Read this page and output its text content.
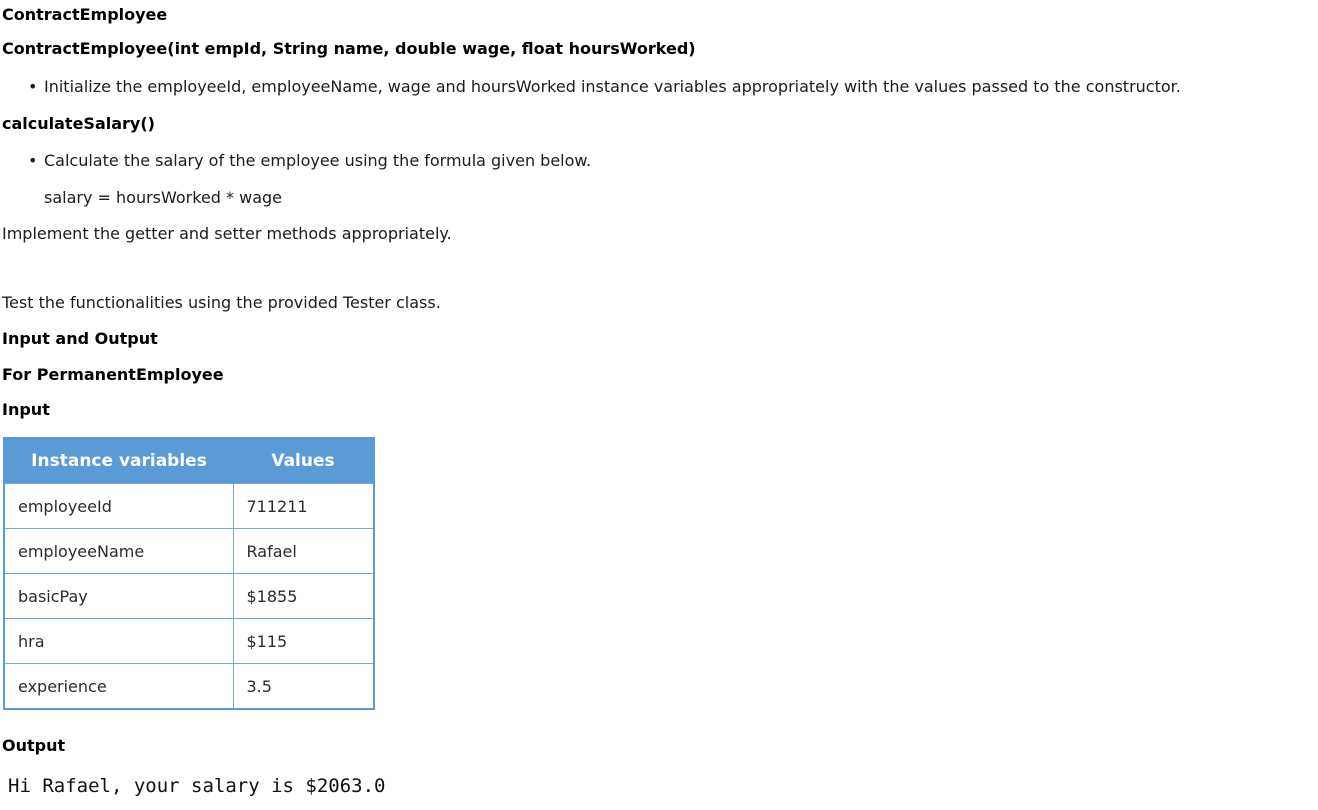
ContractEmployee
ContractEmployee(int empId, String name, double wage, float hoursWorked)
• Initialize the employeeId, employeeName, wage and hoursWorked instance variables appropriately with the values passed to the constructor.
calculateSalary()
• Calculate the salary of the employee using the formula given below.
salary = hoursWorked * wage
Implement the getter and setter methods appropriately.
Test the functionalities using the provided Tester class.
Input and Output
For PermanentEmployee
Input
Instance variables	Values
employeeId	711211
employeeName	Rafael
basicPay	$1855
hra	$115
experience	3.5
Output
Hi Rafael, your salary is $2063.0
